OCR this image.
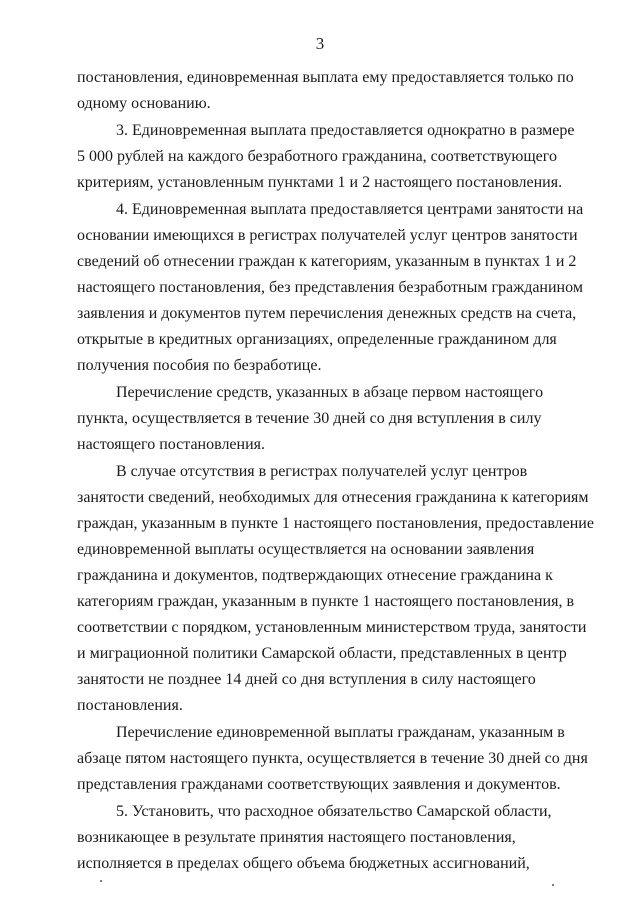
3

постановления, единовременная выплата ему предоставляется только по
одному основанию.

3. Единовременная выплата предоставляется однократно в размере
5 000 рублей на каждого безработного гражданина, соответствующего
критериям, установленным пунктами 1 и 2 настоящего постановления.

4. Единовременная выплата предоставляется центрами занятости на
основании имеющихся в регистрах получателей услуг центров занятости
сведений об отнесении граждан к категориям, указанным в пунктах 1 и 2
настоящего постановления, без представления безработным гражданином
заявления и документов путем перечисления денежных средств на счета,
открытые в кредитных организациях, определенные гражданином для
получения пособия по безработице.

Перечисление средств, указанных в абзаце первом настоящего
пункта, осуществляется в течение 30 дней со дня вступления в силу
настоящего постановления.

В случае отсутствия в регистрах получателей услуг центров
занятости сведений, необходимых для отнесения гражданина к категориям
граждан, указанным в пункте 1 настоящего постановления, предоставление
единовременной выплаты осуществляется на основании заявления
гражданина и документов, подтверждающих отнесение гражданина к
категориям граждан, указанным в пункте 1 настоящего постановления, в
соответствии с порядком, установленным министерством труда, занятости
и миграционной политики Самарской области, представленных в центр
занятости не позднее 14 дней со дня вступления в силу настоящего
постановления.

Перечисление единовременной выплаты гражданам, указанным в
абзаце пятом настоящего пункта, осуществляется в течение 30 дней со дня
представления гражданами соответствующих заявления и документов.

5. Установить, что расходное обязательство Самарской области,
возникающее в результате принятия настоящего постановления,
исполняется в пределах общего объема бюджетных ассигнований,
